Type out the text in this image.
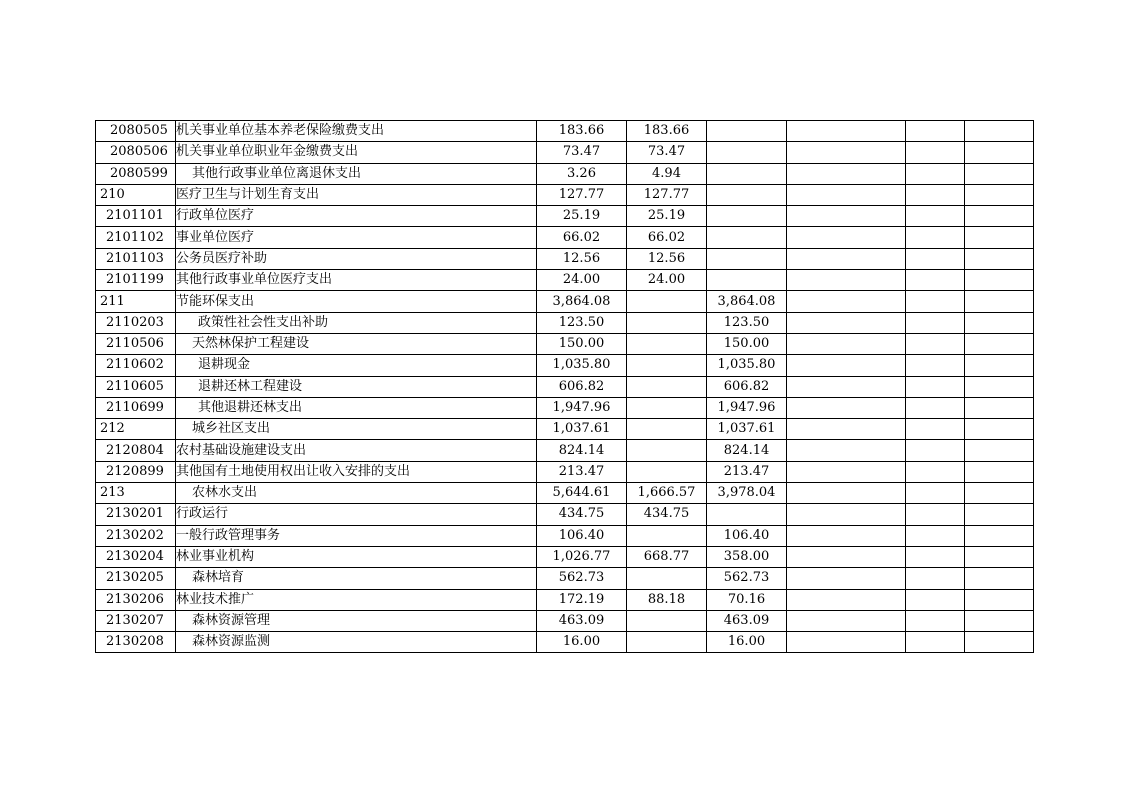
2080505	机关事业单位基本养老保险缴费支出	183.66	183.66				
2080506	机关事业单位职业年金缴费支出	73.47	73.47				
2080599	其他行政事业单位离退休支出	3.26	4.94				
210	医疗卫生与计划生育支出	127.77	127.77				
2101101	行政单位医疗	25.19	25.19				
2101102	事业单位医疗	66.02	66.02				
2101103	公务员医疗补助	12.56	12.56				
2101199	其他行政事业单位医疗支出	24.00	24.00				
211	节能环保支出	3,864.08		3,864.08			
2110203	政策性社会性支出补助	123.50		123.50			
2110506	天然林保护工程建设	150.00		150.00			
2110602	退耕现金	1,035.80		1,035.80			
2110605	退耕还林工程建设	606.82		606.82			
2110699	其他退耕还林支出	1,947.96		1,947.96			
212	城乡社区支出	1,037.61		1,037.61			
2120804	农村基础设施建设支出	824.14		824.14			
2120899	其他国有土地使用权出让收入安排的支出	213.47		213.47			
213	农林水支出	5,644.61	1,666.57	3,978.04			
2130201	行政运行	434.75	434.75				
2130202	一般行政管理事务	106.40		106.40			
2130204	林业事业机构	1,026.77	668.77	358.00			
2130205	森林培育	562.73		562.73			
2130206	林业技术推广	172.19	88.18	70.16			
2130207	森林资源管理	463.09		463.09			
2130208	森林资源监测	16.00		16.00			
